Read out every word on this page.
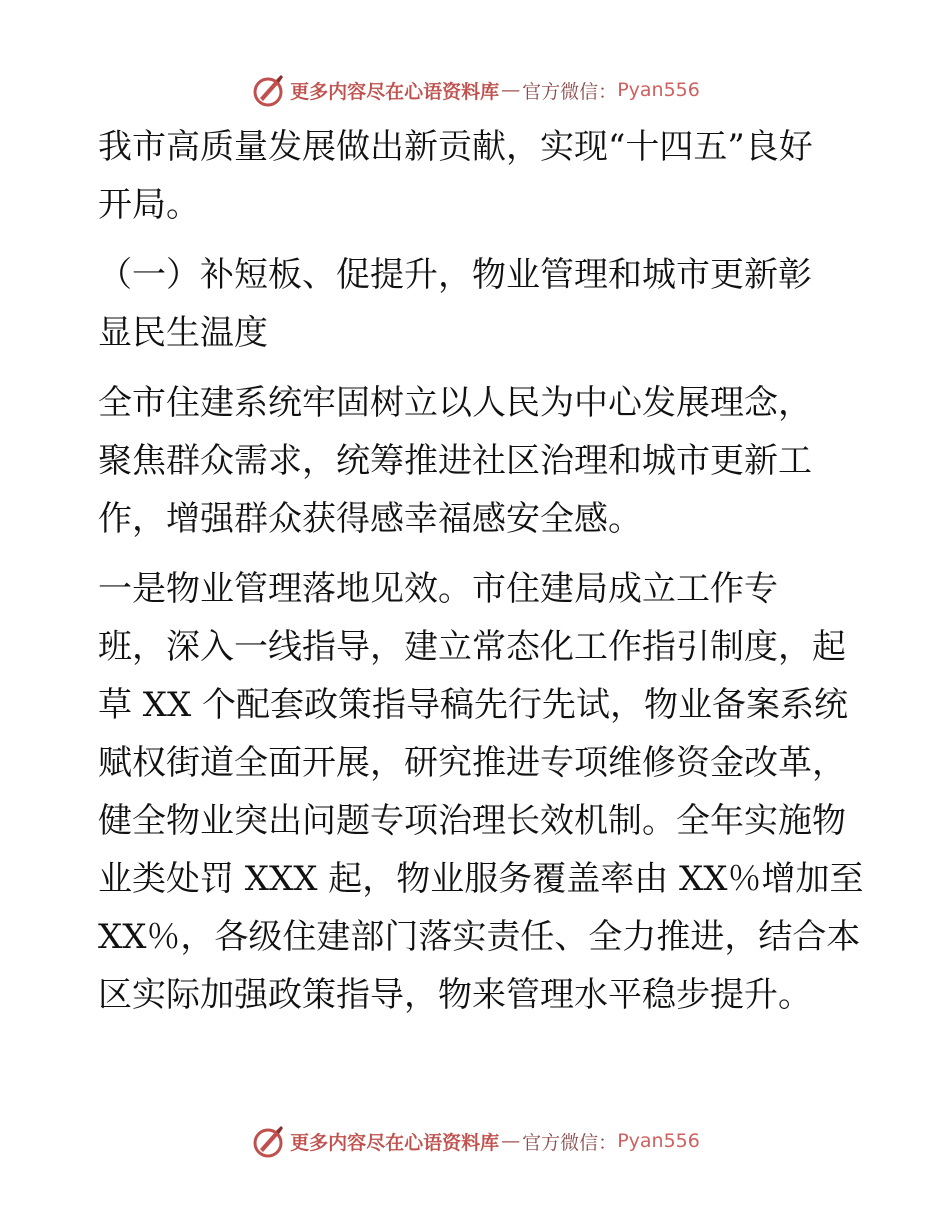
更多内容尽在心语资料库 — 官方微信： Pyan556

我市高质量发展做出新贡献，实现“十四五”良好
开局。

（一）补短板、促提升，物业管理和城市更新彰
显民生温度

全市住建系统牢固树立以人民为中心发展理念，
聚焦群众需求，统筹推进社区治理和城市更新工
作，增强群众获得感幸福感安全感。

一是物业管理落地见效。市住建局成立工作专
班，深入一线指导，建立常态化工作指引制度，起
草 XX 个配套政策指导稿先行先试，物业备案系统
赋权街道全面开展，研究推进专项维修资金改革，
健全物业突出问题专项治理长效机制。全年实施物
业类处罚 XXX 起，物业服务覆盖率由 XX％增加至
XX％，各级住建部门落实责任、全力推进，结合本
区实际加强政策指导，物来管理水平稳步提升。

更多内容尽在心语资料库 — 官方微信： Pyan556
